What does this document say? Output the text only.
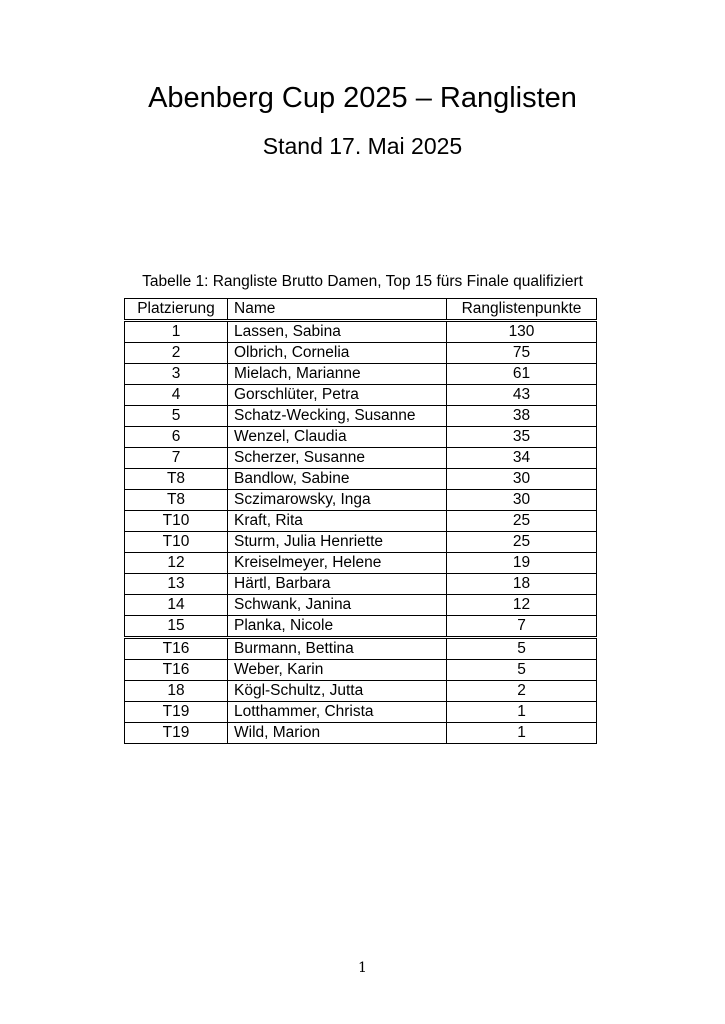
Abenberg Cup 2025 – Ranglisten
Stand 17. Mai 2025
Tabelle 1: Rangliste Brutto Damen, Top 15 fürs Finale qualifiziert
Platzierung	Name	Ranglistenpunkte
1	Lassen, Sabina	130
2	Olbrich, Cornelia	75
3	Mielach, Marianne	61
4	Gorschlüter, Petra	43
5	Schatz-Wecking, Susanne	38
6	Wenzel, Claudia	35
7	Scherzer, Susanne	34
T8	Bandlow, Sabine	30
T8	Sczimarowsky, Inga	30
T10	Kraft, Rita	25
T10	Sturm, Julia Henriette	25
12	Kreiselmeyer, Helene	19
13	Härtl, Barbara	18
14	Schwank, Janina	12
15	Planka, Nicole	7
T16	Burmann, Bettina	5
T16	Weber, Karin	5
18	Kögl-Schultz, Jutta	2
T19	Lotthammer, Christa	1
T19	Wild, Marion	1
1
